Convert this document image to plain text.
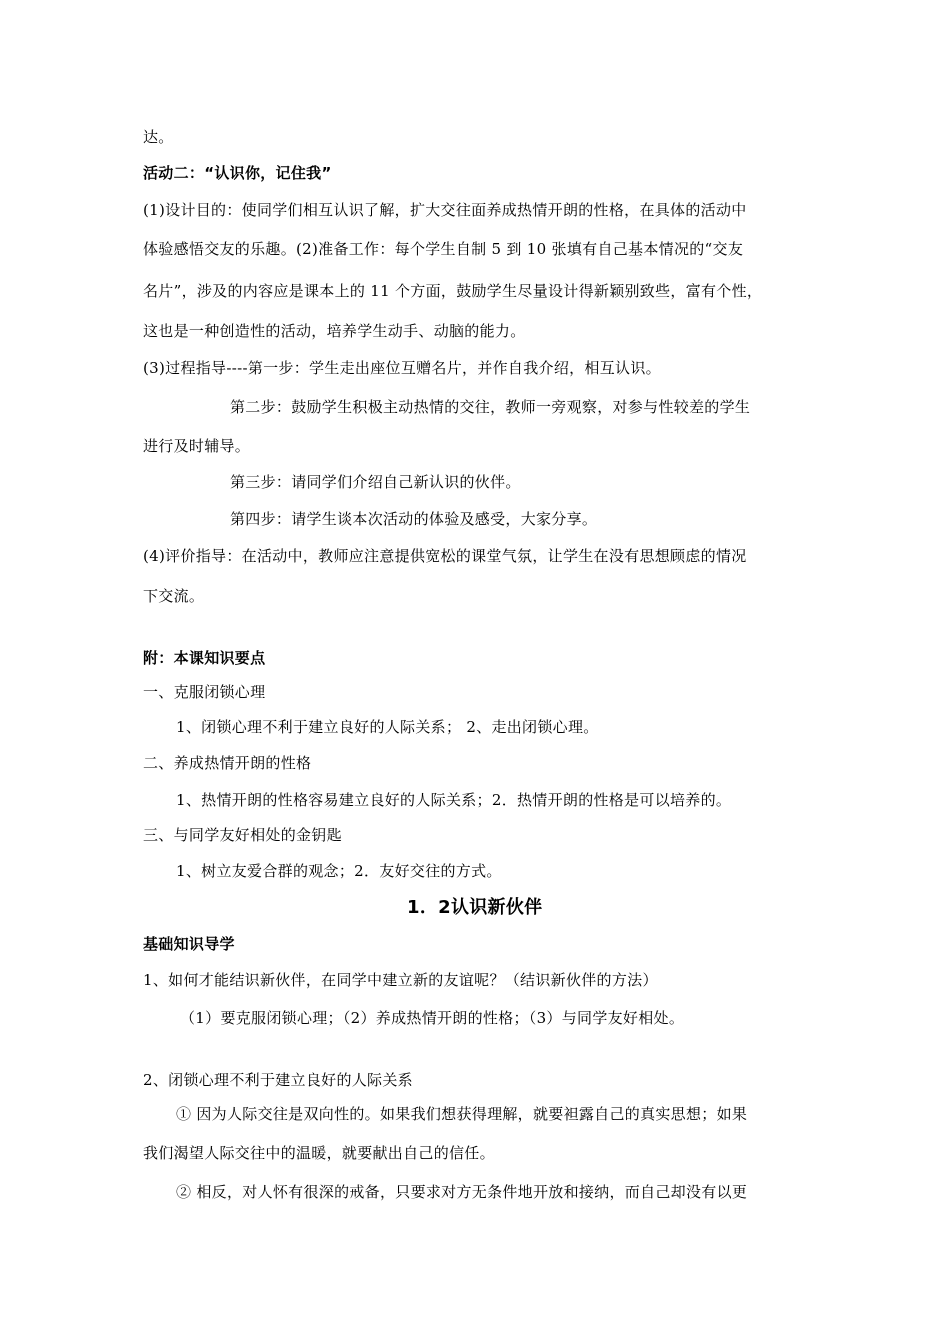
达。
活动二：“认识你，记住我”
(1)设计目的：使同学们相互认识了解，扩大交往面养成热情开朗的性格，在具体的活动中
体验感悟交友的乐趣。(2)准备工作：每个学生自制 5 到 10 张填有自己基本情况的“交友
名片”，涉及的内容应是课本上的 11 个方面，鼓励学生尽量设计得新颖别致些，富有个性，
这也是一种创造性的活动，培养学生动手、动脑的能力。
(3)过程指导----第一步：学生走出座位互赠名片，并作自我介绍，相互认识。
第二步：鼓励学生积极主动热情的交往，教师一旁观察，对参与性较差的学生
进行及时辅导。
第三步：请同学们介绍自己新认识的伙伴。
第四步：请学生谈本次活动的体验及感受，大家分享。
(4)评价指导：在活动中，教师应注意提供宽松的课堂气氛，让学生在没有思想顾虑的情况
下交流。
附：本课知识要点
一、克服闭锁心理
1、闭锁心理不利于建立良好的人际关系； 2、走出闭锁心理。
二、养成热情开朗的性格
1、热情开朗的性格容易建立良好的人际关系；2．热情开朗的性格是可以培养的。
三、与同学友好相处的金钥匙
1、树立友爱合群的观念；2．友好交往的方式。
1．2认识新伙伴
基础知识导学
1、如何才能结识新伙伴，在同学中建立新的友谊呢？（结识新伙伴的方法）
（1）要克服闭锁心理；（2）养成热情开朗的性格；（3）与同学友好相处。
2、闭锁心理不利于建立良好的人际关系
① 因为人际交往是双向性的。如果我们想获得理解，就要袒露自己的真实思想；如果
我们渴望人际交往中的温暖，就要献出自己的信任。
② 相反，对人怀有很深的戒备，只要求对方无条件地开放和接纳，而自己却没有以更
